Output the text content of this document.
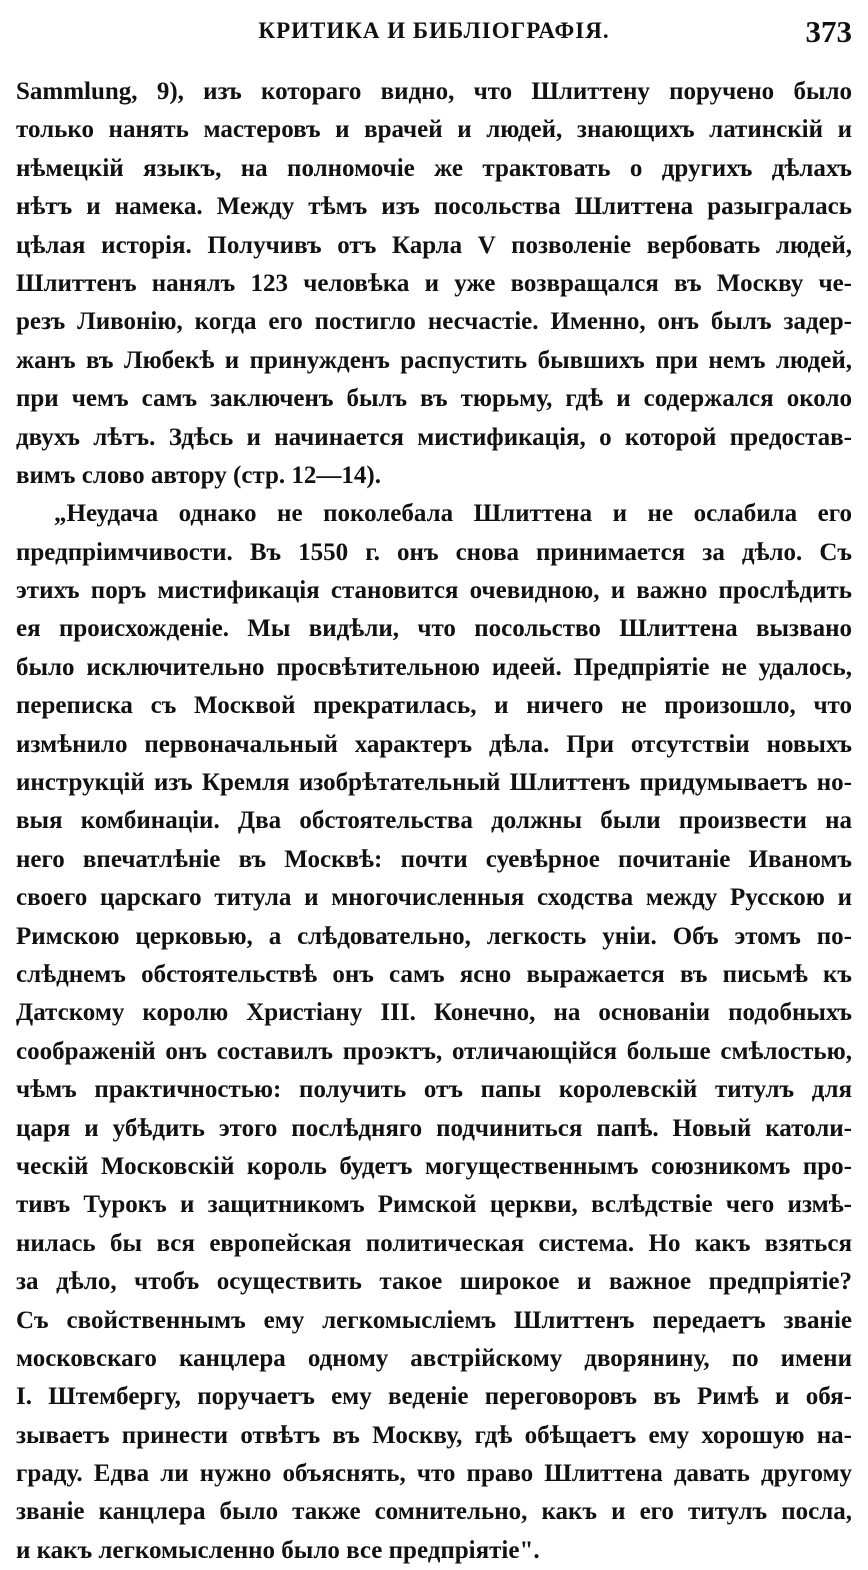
КРИТИКА И БИБЛІОГРАФІЯ.	373
Sammlung, 9), изъ котораго видно, что Шлиттену поручено было
только нанять мастеровъ и врачей и людей, знающихъ латинскій и
нѣмецкій языкъ, на полномочіе же трактовать о другихъ дѣлахъ
нѣтъ и намека. Между тѣмъ изъ посольства Шлиттена разыгралась
цѣлая исторія. Получивъ отъ Карла V позволеніе вербовать людей,
Шлиттенъ нанялъ 123 человѣка и уже возвращался въ Москву че-
резъ Ливонію, когда его постигло несчастіе. Именно, онъ былъ задер-
жанъ въ Любекѣ и принужденъ распустить бывшихъ при немъ людей,
при чемъ самъ заключенъ былъ въ тюрьму, гдѣ и содержался около
двухъ лѣтъ. Здѣсь и начинается мистификація, о которой предостав-
вимъ слово автору (стр. 12—14).
„Неудача однако не поколебала Шлиттена и не ослабила его
предпріимчивости. Въ 1550 г. онъ снова принимается за дѣло. Съ
этихъ поръ мистификація становится очевидною, и важно прослѣдить
ея происхожденіе. Мы видѣли, что посольство Шлиттена вызвано
было исключительно просвѣтительною идеей. Предпріятіе не удалось,
переписка съ Москвой прекратилась, и ничего не произошло, что
измѣнило первоначальный характеръ дѣла. При отсутствіи новыхъ
инструкцій изъ Кремля изобрѣтательный Шлиттенъ придумываетъ но-
выя комбинаціи. Два обстоятельства должны были произвести на
него впечатлѣніе въ Москвѣ: почти суевѣрное почитаніе Иваномъ
своего царскаго титула и многочисленныя сходства между Русскою и
Римскою церковью, а слѣдовательно, легкость уніи. Объ этомъ по-
слѣднемъ обстоятельствѣ онъ самъ ясно выражается въ письмѣ къ
Датскому королю Христіану III. Конечно, на основаніи подобныхъ
соображеній онъ составилъ проэктъ, отличающійся больше смѣлостью,
чѣмъ практичностью: получить отъ папы королевскій титулъ для
царя и убѣдить этого послѣдняго подчиниться папѣ. Новый католи-
ческій Московскій король будетъ могущественнымъ союзникомъ про-
тивъ Турокъ и защитникомъ Римской церкви, вслѣдствіе чего измѣ-
нилась бы вся европейская политическая система. Но какъ взяться
за дѣло, чтобъ осуществить такое широкое и важное предпріятіе?
Съ свойственнымъ ему легкомысліемъ Шлиттенъ передаетъ званіе
московскаго канцлера одному австрійскому дворянину, по имени
I. Штембергу, поручаетъ ему веденіе переговоровъ въ Римѣ и обя-
зываетъ принести отвѣтъ въ Москву, гдѣ обѣщаетъ ему хорошую на-
граду. Едва ли нужно объяснять, что право Шлиттена давать другому
званіе канцлера было также сомнительно, какъ и его титулъ посла,
и какъ легкомысленно было все предпріятіе".
